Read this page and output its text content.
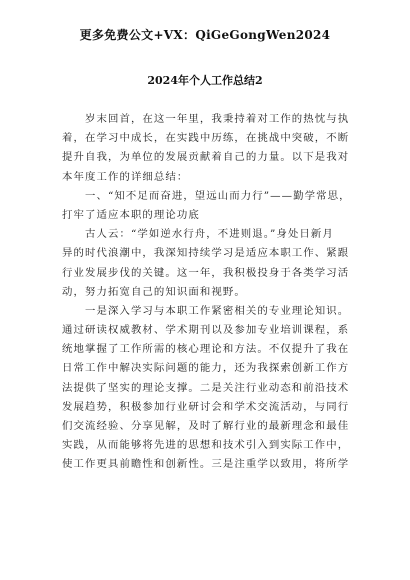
更多免费公文+VX：QiGeGongWen2024
2024年个人工作总结2
　　岁末回首，在这一年里，我秉持着对工作的热忱与执
着，在学习中成长，在实践中历练，在挑战中突破，不断
提升自我，为单位的发展贡献着自己的力量。以下是我对
本年度工作的详细总结：
　　一、“知不足而奋进，望远山而力行”——勤学常思，
打牢了适应本职的理论功底
　　古人云：“学如逆水行舟，不进则退。”身处日新月
异的时代浪潮中，我深知持续学习是适应本职工作、紧跟
行业发展步伐的关键。这一年，我积极投身于各类学习活
动，努力拓宽自己的知识面和视野。
　　一是深入学习与本职工作紧密相关的专业理论知识。
通过研读权威教材、学术期刊以及参加专业培训课程，系
统地掌握了工作所需的核心理论和方法。不仅提升了我在
日常工作中解决实际问题的能力，还为我探索创新工作方
法提供了坚实的理论支撑。二是关注行业动态和前沿技术
发展趋势，积极参加行业研讨会和学术交流活动，与同行
们交流经验、分享见解，及时了解行业的最新理念和最佳
实践，从而能够将先进的思想和技术引入到实际工作中，
使工作更具前瞻性和创新性。三是注重学以致用，将所学
